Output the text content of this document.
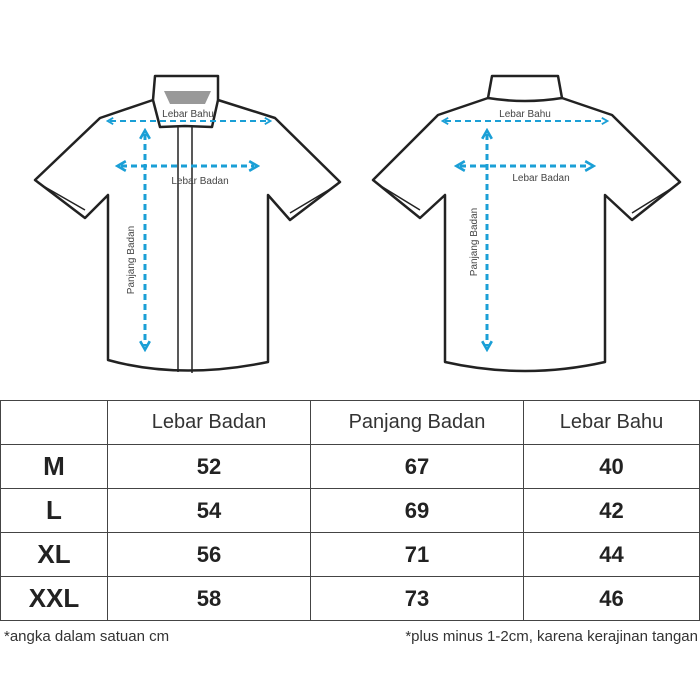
Lebar Bahu
Lebar Badan
Panjang Badan
Lebar Bahu
Lebar Badan
Panjang Badan
	Lebar Badan	Panjang Badan	Lebar Bahu
M	52	67	40
L	54	69	42
XL	56	71	44
XXL	58	73	46
*angka dalam satuan cm	*plus minus 1-2cm, karena kerajinan tangan
